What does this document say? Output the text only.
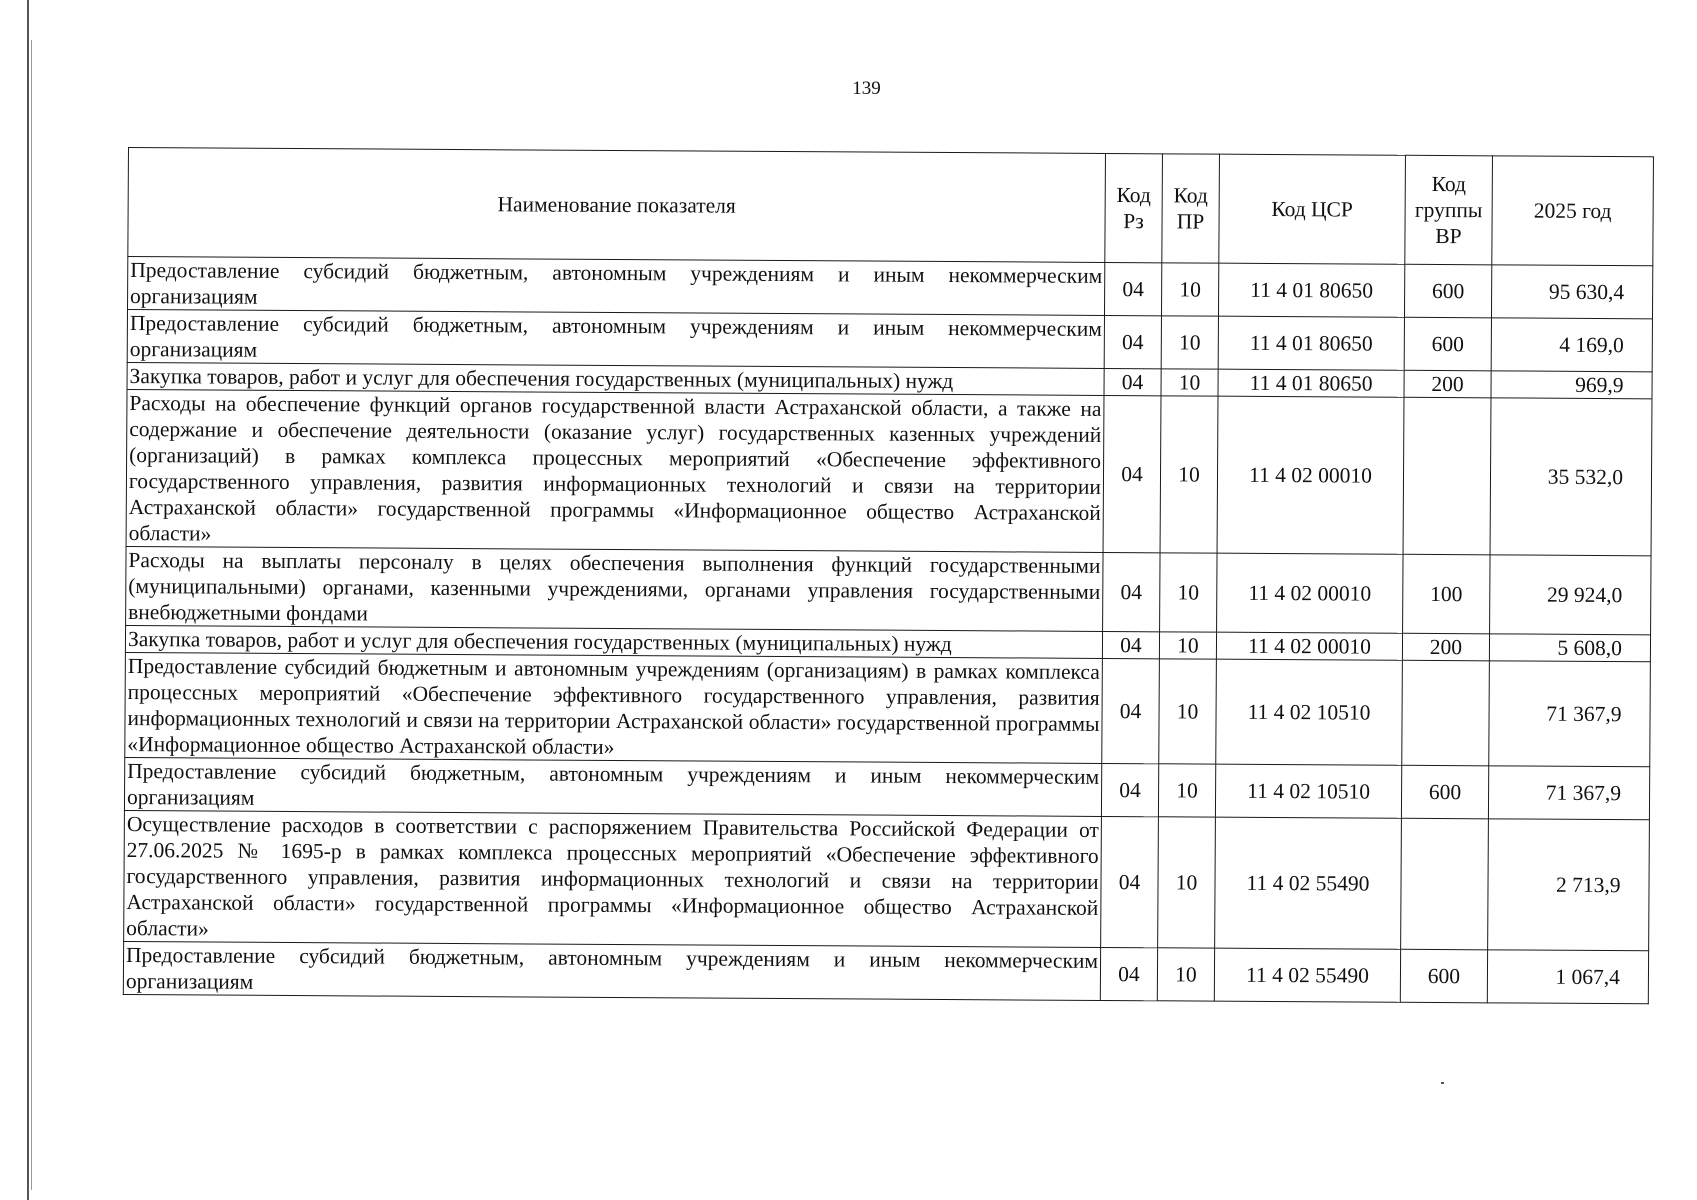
139
Наименование показателя	Код Рз	Код ПР	Код ЦСР	Код группы ВР	2025 год
Предоставление субсидий бюджетным, автономным учреждениям и иным некоммерческим организациям	04	10	11 4 01 80650	600	95 630,4
Предоставление субсидий бюджетным, автономным учреждениям и иным некоммерческим организациям	04	10	11 4 01 80650	600	4 169,0
Закупка товаров, работ и услуг для обеспечения государственных (муниципальных) нужд	04	10	11 4 01 80650	200	969,9
Расходы на обеспечение функций органов государственной власти Астраханской области, а также на содержание и обеспечение деятельности (оказание услуг) государственных казенных учреждений (организаций) в рамках комплекса процессных мероприятий «Обеспечение эффективного государственного управления, развития информационных технологий и связи на территории Астраханской области» государственной программы «Информационное общество Астраханской области»	04	10	11 4 02 00010		35 532,0
Расходы на выплаты персоналу в целях обеспечения выполнения функций государственными (муниципальными) органами, казенными учреждениями, органами управления государственными внебюджетными фондами	04	10	11 4 02 00010	100	29 924,0
Закупка товаров, работ и услуг для обеспечения государственных (муниципальных) нужд	04	10	11 4 02 00010	200	5 608,0
Предоставление субсидий бюджетным и автономным учреждениям (организациям) в рамках комплекса процессных мероприятий «Обеспечение эффективного государственного управления, развития информационных технологий и связи на территории Астраханской области» государственной программы «Информационное общество Астраханской области»	04	10	11 4 02 10510		71 367,9
Предоставление субсидий бюджетным, автономным учреждениям и иным некоммерческим организациям	04	10	11 4 02 10510	600	71 367,9
Осуществление расходов в соответствии с распоряжением Правительства Российской Федерации от 27.06.2025 № 1695-р в рамках комплекса процессных мероприятий «Обеспечение эффективного государственного управления, развития информационных технологий и связи на территории Астраханской области» государственной программы «Информационное общество Астраханской области»	04	10	11 4 02 55490		2 713,9
Предоставление субсидий бюджетным, автономным учреждениям и иным некоммерческим организациям	04	10	11 4 02 55490	600	1 067,4
